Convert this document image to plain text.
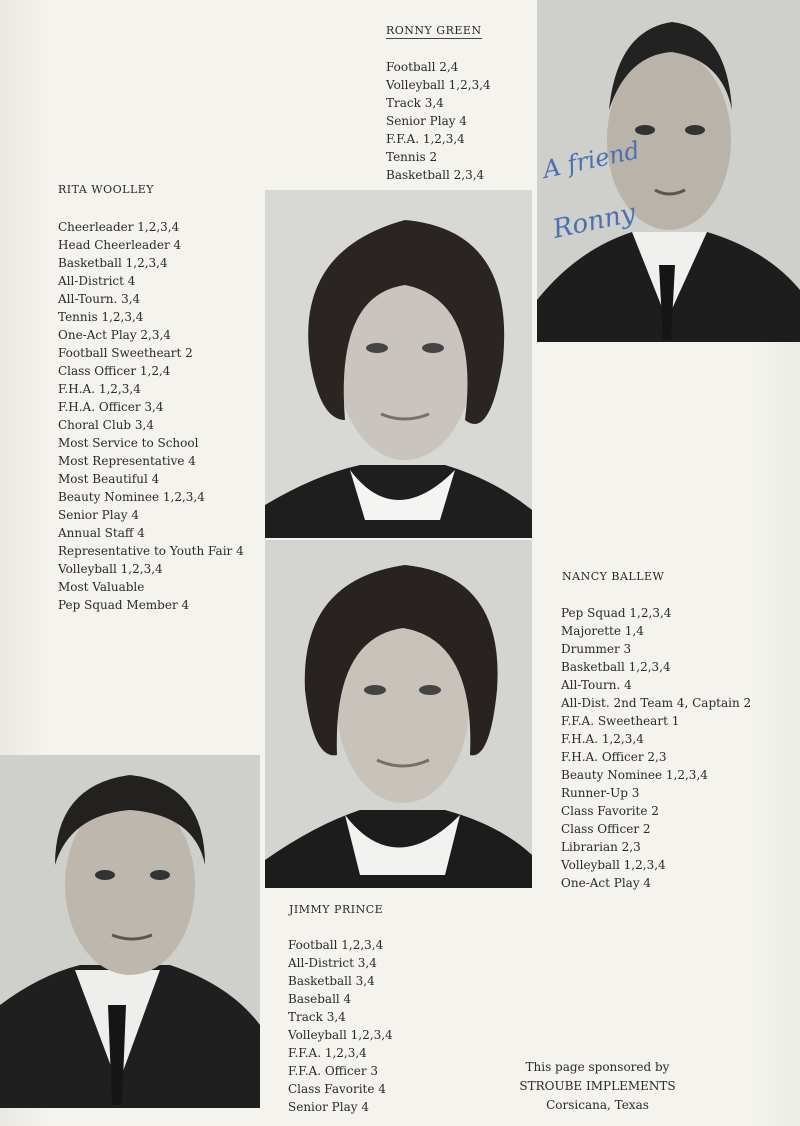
RONNY GREEN
Football 2,4
Volleyball 1,2,3,4
Track 3,4
Senior Play 4
F.F.A. 1,2,3,4
Tennis 2
Basketball 2,3,4 A friend
Ronny
RITA WOOLLEY
Cheerleader 1,2,3,4
Head Cheerleader 4
Basketball 1,2,3,4
All-District 4
All-Tourn. 3,4
Tennis 1,2,3,4
One-Act Play 2,3,4
Football Sweetheart 2
Class Officer 1,2,4
F.H.A. 1,2,3,4
F.H.A. Officer 3,4
Choral Club 3,4
Most Service to School
Most Representative 4
Most Beautiful 4
Beauty Nominee 1,2,3,4
Senior Play 4
Annual Staff 4
Representative to Youth Fair 4
Volleyball 1,2,3,4
Most Valuable
Pep Squad Member 4
NANCY BALLEW
Pep Squad 1,2,3,4
Majorette 1,4
Drummer 3
Basketball 1,2,3,4
All-Tourn. 4
All-Dist. 2nd Team 4, Captain 2
F.F.A. Sweetheart 1
F.H.A. 1,2,3,4
F.H.A. Officer 2,3
Beauty Nominee 1,2,3,4
Runner-Up 3
Class Favorite 2
Class Officer 2
Librarian 2,3
Volleyball 1,2,3,4
One-Act Play 4
JIMMY PRINCE
Football 1,2,3,4
All-District 3,4
Basketball 3,4
Baseball 4
Track 3,4
Volleyball 1,2,3,4
F.F.A. 1,2,3,4
F.F.A. Officer 3
Class Favorite 4
Senior Play 4
This page sponsored by
STROUBE IMPLEMENTS
Corsicana, Texas
